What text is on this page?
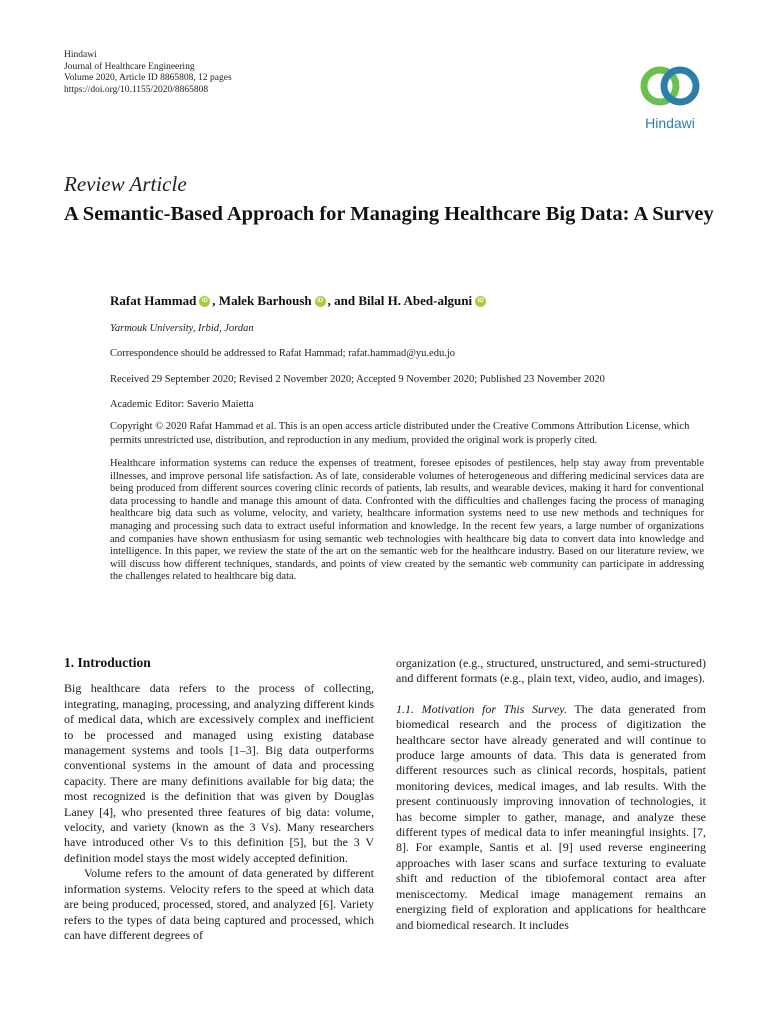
Hindawi
Journal of Healthcare Engineering
Volume 2020, Article ID 8865808, 12 pages
https://doi.org/10.1155/2020/8865808
Hindawi
Review Article
A Semantic-Based Approach for Managing Healthcare Big Data: A Survey
Rafat Hammad iD , Malek Barhoush iD , and Bilal H. Abed-alguni iD
Yarmouk University, Irbid, Jordan
Correspondence should be addressed to Rafat Hammad; rafat.hammad@yu.edu.jo
Received 29 September 2020; Revised 2 November 2020; Accepted 9 November 2020; Published 23 November 2020
Academic Editor: Saverio Maietta
Copyright © 2020 Rafat Hammad et al. This is an open access article distributed under the Creative Commons Attribution License, which permits unrestricted use, distribution, and reproduction in any medium, provided the original work is properly cited.
Healthcare information systems can reduce the expenses of treatment, foresee episodes of pestilences, help stay away from preventable illnesses, and improve personal life satisfaction. As of late, considerable volumes of heterogeneous and differing medicinal services data are being produced from different sources covering clinic records of patients, lab results, and wearable devices, making it hard for conventional data processing to handle and manage this amount of data. Confronted with the difficulties and challenges facing the process of managing healthcare big data such as volume, velocity, and variety, healthcare information systems need to use new methods and techniques for managing and processing such data to extract useful information and knowledge. In the recent few years, a large number of organizations and companies have shown enthusiasm for using semantic web technologies with healthcare big data to convert data into knowledge and intelligence. In this paper, we review the state of the art on the semantic web for the healthcare industry. Based on our literature review, we will discuss how different techniques, standards, and points of view created by the semantic web community can participate in addressing the challenges related to healthcare big data.
1. Introduction

Big healthcare data refers to the process of collecting, integrating, managing, processing, and analyzing different kinds of medical data, which are excessively complex and inefficient to be processed and managed using existing database management systems and tools [1–3]. Big data outperforms conventional systems in the amount of data and processing capacity. There are many definitions available for big data; the most recognized is the definition that was given by Douglas Laney [4], who presented three features of big data: volume, velocity, and variety (known as the 3 Vs). Many researchers have introduced other Vs to this definition [5], but the 3 V definition model stays the most widely accepted definition.

Volume refers to the amount of data generated by different information systems. Velocity refers to the speed at which data are being produced, processed, stored, and analyzed [6]. Variety refers to the types of data being captured and processed, which can have different degrees of

organization (e.g., structured, unstructured, and semi-structured) and different formats (e.g., plain text, video, audio, and images).

1.1. Motivation for This Survey. The data generated from biomedical research and the process of digitization the healthcare sector have already generated and will continue to produce large amounts of data. This data is generated from different resources such as clinical records, hospitals, patient monitoring devices, medical images, and lab results. With the present continuously improving innovation of technologies, it has become simpler to gather, manage, and analyze these different types of medical data to infer meaningful insights. [7, 8]. For example, Santis et al. [9] used reverse engineering approaches with laser scans and surface texturing to evaluate shift and reduction of the tibiofemoral contact area after meniscectomy. Medical image management remains an energizing field of exploration and applications for healthcare and biomedical research. It includes
